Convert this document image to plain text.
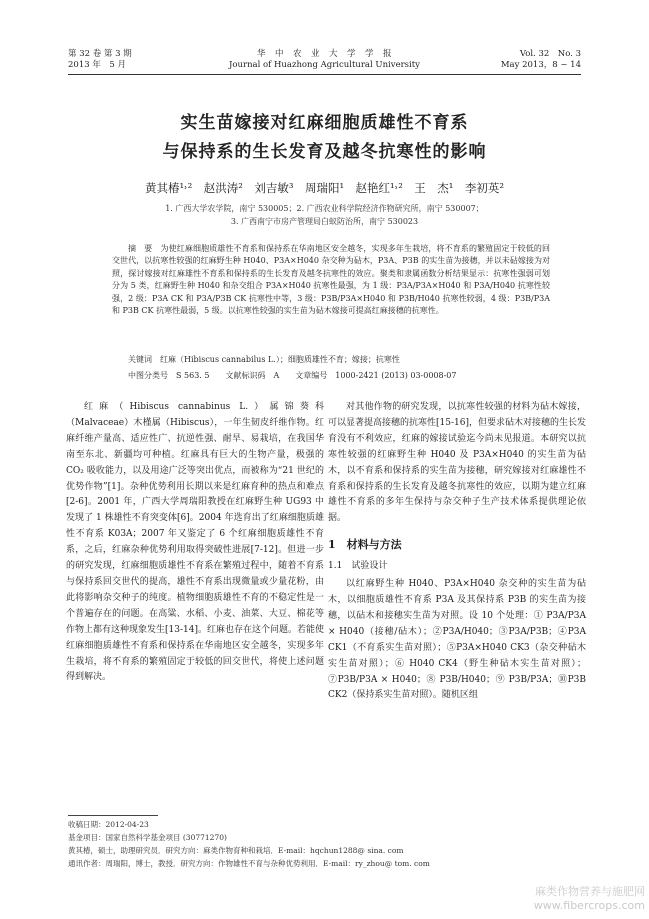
第 32 卷 第 3 期
2013 年　5 月
华　中　农　业　大　学　学　报
Journal of Huazhong Agricultural University
Vol. 32　No. 3
May 2013，8 ~ 14
实生苗嫁接对红麻细胞质雄性不育系
与保持系的生长发育及越冬抗寒性的影响
黄其椿¹˒²　赵洪涛²　刘吉敏³　周瑞阳¹　赵艳红¹˒²　王　杰¹　李初英²
1. 广西大学农学院，南宁 530005；2. 广西农业科学院经济作物研究所，南宁 530007；
3. 广西南宁市房产管理局白蚁防治所，南宁 530023

摘　要　 为使红麻细胞质雄性不育系和保持系在华南地区安全越冬，实现多年生栽培，将不育系的繁殖固定于较低的回交世代，以抗寒性较强的红麻野生种 H040、P3A×H040 杂交种为砧木，P3A、P3B 的实生苗为接穗，并以未砧嫁接为对照，探讨嫁接对红麻雄性不育系和保持系的生长发育及越冬抗寒性的效应。聚类和隶属函数分析结果显示：抗寒性强弱可划分为 5 类，红麻野生种 H040 和杂交组合 P3A×H040 抗寒性最强，为 1 级：P3A/P3A×H040 和 P3A/H040 抗寒性较强，2 级：P3A CK 和 P3A/P3B CK 抗寒性中等，3 级：P3B/P3A×H040 和 P3B/H040 抗寒性较弱，4 级：P3B/P3A 和 P3B CK 抗寒性最弱，5 级。以抗寒性较强的实生苗为砧木嫁接可提高红麻接穗的抗寒性。

关键词　 红麻（Hibiscus cannabilus L.）；细胞质雄性不育；嫁接；抗寒性
中图分类号　 S 563. 5　　 文献标识码　 A　　 文章编号　 1000-2421 (2013) 03-0008-07

红麻（Hibiscus cannabinus L.）属锦葵科（Malvaceae）木槿属（Hibiscus），一年生韧皮纤维作物。红麻纤维产量高、适应性广、抗逆性强、耐旱、易栽培，在我国华南至东北、新疆均可种植。红麻具有巨大的生物产量，极强的 CO₂ 吸收能力，以及用途广泛等突出优点，而被称为“21 世纪的优势作物”[1]。杂种优势利用长期以来是红麻育种的热点和难点[2-6]。2001 年，广西大学周瑞阳教授在红麻野生种 UG93 中发现了 1 株雄性不育突变体[6]。2004 年选育出了红麻细胞质雄性不育系 K03A；2007 年又鉴定了 6 个红麻细胞质雄性不育系，之后，红麻杂种优势利用取得突破性进展[7-12]。但进一步的研究发现，红麻细胞质雄性不育系在繁殖过程中，随着不育系与保持系回交世代的提高，雄性不育系出现微量或少量花粉，由此将影响杂交种子的纯度。植物细胞质雄性不育的不稳定性是一个普遍存在的问题。在高粱、水稻、小麦、油菜、大豆、棉花等作物上都有这种现象发生[13-14]。红麻也存在这个问题。若能使红麻细胞质雄性不育系和保持系在华南地区安全越冬，实现多年生栽培，将不育系的繁殖固定于较低的回交世代，将使上述问题得到解决。

对其他作物的研究发现，以抗寒性较强的材料为砧木嫁接，可以显著提高接穗的抗寒性[15-16]，但要求砧木对接穗的生长发育没有不利效应，红麻的嫁接试验迄今尚未见报道。本研究以抗寒性较强的红麻野生种 H040 及 P3A×H040 的实生苗为砧木，以不育系和保持系的实生苗为接穗，研究嫁接对红麻雄性不育系和保持系的生长发育及越冬抗寒性的效应，以期为建立红麻雄性不育系的多年生保持与杂交种子生产技术体系提供理论依据。

1　材料与方法
1.1　试验设计

以红麻野生种 H040、P3A×H040 杂交种的实生苗为砧木，以细胞质雄性不育系 P3A 及其保持系 P3B 的实生苗为接穗，以砧木和接穗实生苗为对照。设 10 个处理：① P3A/P3A × H040（接穗/砧木）；②P3A/H040；③P3A/P3B；④P3A CK1（不育系实生苗对照）；⑤P3A×H040 CK3（杂交种砧木实生苗对照）；⑥ H040 CK4（野生种砧木实生苗对照）；⑦P3B/P3A × H040；⑧ P3B/H040；⑨ P3B/P3A；⑩P3B CK2（保持系实生苗对照）。随机区组

收稿日期：2012-04-23
基金项目：国家自然科学基金项目 (30771270)
黄其椿，硕士，助理研究员．研究方向：麻类作物育种和栽培．E-mail：hqchun1288@ sina. com
通讯作者：周瑞阳，博士，教授．研究方向：作物雄性不育与杂种优势利用．E-mail：ry_zhou@ tom. com
麻类作物营养与施肥网
www.fibercrops.com
